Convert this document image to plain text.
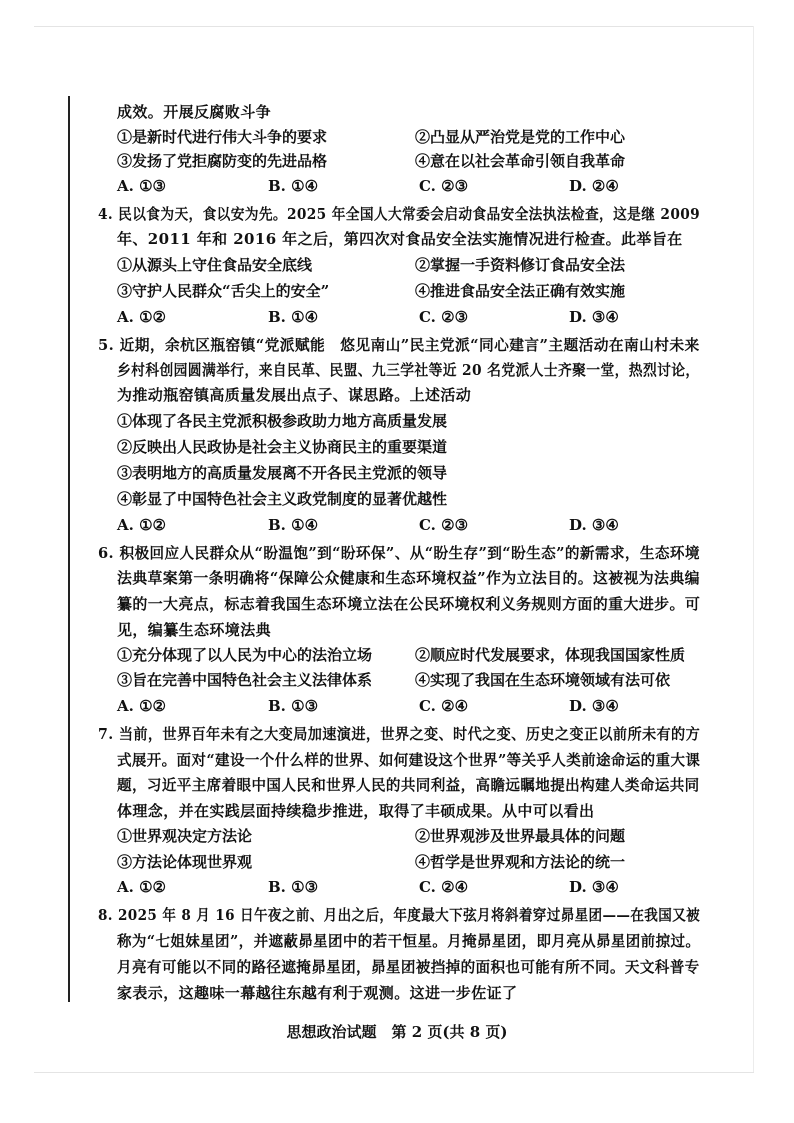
成效。开展反腐败斗争
①是新时代进行伟大斗争的要求	②凸显从严治党是党的工作中心
③发扬了党拒腐防变的先进品格	④意在以社会革命引领自我革命
A. ①③	B. ①④	C. ②③	D. ②④
4. 民以食为天，食以安为先。2025 年全国人大常委会启动食品安全法执法检查，这是继 2009
年、2011 年和 2016 年之后，第四次对食品安全法实施情况进行检查。此举旨在
①从源头上守住食品安全底线	②掌握一手资料修订食品安全法
③守护人民群众“舌尖上的安全”	④推进食品安全法正确有效实施
A. ①②	B. ①④	C. ②③	D. ③④
5. 近期，余杭区瓶窑镇“党派赋能　悠见南山”民主党派“同心建言”主题活动在南山村未来
乡村科创园圆满举行，来自民革、民盟、九三学社等近 20 名党派人士齐聚一堂，热烈讨论，
为推动瓶窑镇高质量发展出点子、谋思路。上述活动
①体现了各民主党派积极参政助力地方高质量发展
②反映出人民政协是社会主义协商民主的重要渠道
③表明地方的高质量发展离不开各民主党派的领导
④彰显了中国特色社会主义政党制度的显著优越性
A. ①②	B. ①④	C. ②③	D. ③④
6. 积极回应人民群众从“盼温饱”到“盼环保”、从“盼生存”到“盼生态”的新需求，生态环境
法典草案第一条明确将“保障公众健康和生态环境权益”作为立法目的。这被视为法典编
纂的一大亮点，标志着我国生态环境立法在公民环境权利义务规则方面的重大进步。可
见，编纂生态环境法典
①充分体现了以人民为中心的法治立场	②顺应时代发展要求，体现我国国家性质
③旨在完善中国特色社会主义法律体系	④实现了我国在生态环境领域有法可依
A. ①②	B. ①③	C. ②④	D. ③④
7. 当前，世界百年未有之大变局加速演进，世界之变、时代之变、历史之变正以前所未有的方
式展开。面对“建设一个什么样的世界、如何建设这个世界”等关乎人类前途命运的重大课
题，习近平主席着眼中国人民和世界人民的共同利益，高瞻远瞩地提出构建人类命运共同
体理念，并在实践层面持续稳步推进，取得了丰硕成果。从中可以看出
①世界观决定方法论	②世界观涉及世界最具体的问题
③方法论体现世界观	④哲学是世界观和方法论的统一
A. ①②	B. ①③	C. ②④	D. ③④
8. 2025 年 8 月 16 日午夜之前、月出之后，年度最大下弦月将斜着穿过昴星团——在我国又被
称为“七姐妹星团”，并遮蔽昴星团中的若干恒星。月掩昴星团，即月亮从昴星团前掠过。
月亮有可能以不同的路径遮掩昴星团，昴星团被挡掉的面积也可能有所不同。天文科普专
家表示，这趣味一幕越往东越有利于观测。这进一步佐证了
思想政治试题　第 2 页(共 8 页)
